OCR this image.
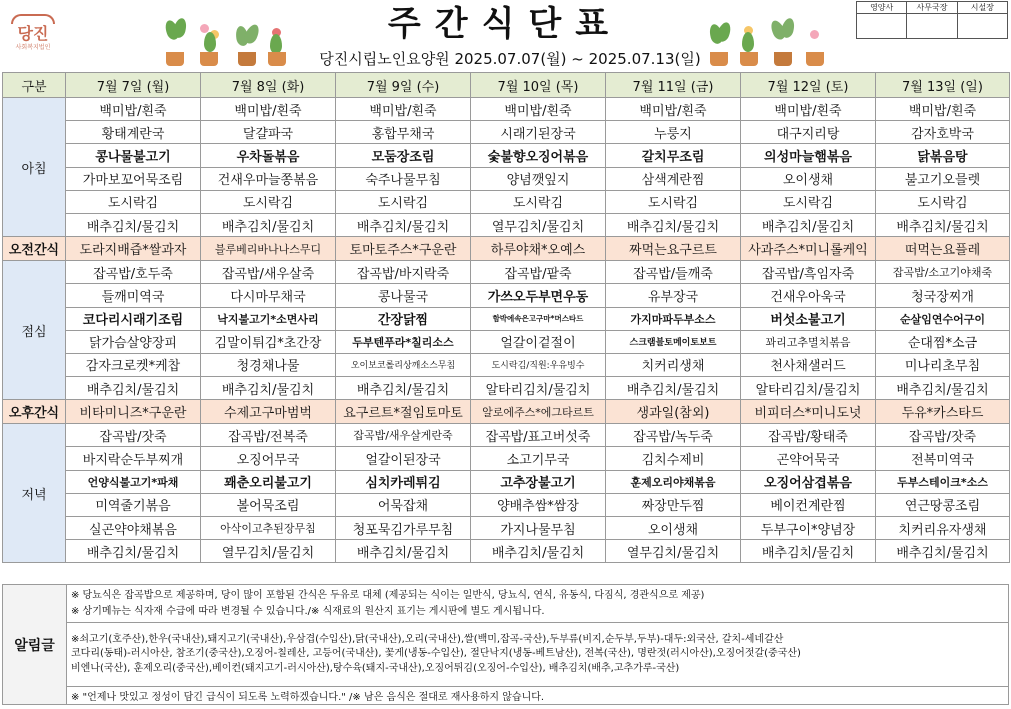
당진
사회복지법인
주간식단표
당진시립노인요양원 2025.07.07(월) ~ 2025.07.13(일)
영양사	사무국장	시설장

구분	7월 7일 (월)	7월 8일 (화)	7월 9일 (수)	7월 10일 (목)	7월 11일 (금)	7월 12일 (토)	7월 13일 (일)
아침	백미밥/흰죽	백미밥/흰죽	백미밥/흰죽	백미밥/흰죽	백미밥/흰죽	백미밥/흰죽	백미밥/흰죽
	황태계란국	달걀파국	홍합무채국	시래기된장국	누룽지	대구지리탕	감자호박국
	콩나물불고기	우차돌볶음	모둠장조림	숯불향오징어볶음	갈치무조림	의성마늘햄볶음	닭볶음탕
	가마보꼬어묵조림	건새우마늘쫑볶음	숙주나물무침	양념깻잎지	삼색계란찜	오이생채	불고기오믈렛
	도시락김	도시락김	도시락김	도시락김	도시락김	도시락김	도시락김
	배추김치/물김치	배추김치/물김치	배추김치/물김치	열무김치/물김치	배추김치/물김치	배추김치/물김치	배추김치/물김치
오전간식	도라지배즙*쌀과자	블루베리바나나스무디	토마토주스*구운란	하루야채*오예스	짜먹는요구르트	사과주스*미니롤케익	떠먹는요플레
점심	잡곡밥/호두죽	잡곡밥/새우살죽	잡곡밥/바지락죽	잡곡밥/팥죽	잡곡밥/들깨죽	잡곡밥/흑임자죽	잡곡밥/소고기야채죽
	들깨미역국	다시마무채국	콩나물국	가쓰오두부면우동	유부장국	건새우아욱국	청국장찌개
	코다리시래기조림	낙지불고기*소면사리	간장닭찜	함박에속은고구마*머스타드	가지마파두부소스	버섯소불고기	순살임연수어구이
	닭가슴살양장피	김말이튀김*초간장	두부텐푸라*칠리소스	얼갈이겉절이	스크램블토메이토보트	꽈리고추멸치볶음	순대찜*소금
	감자크로켓*케찹	청경채나물	오이보코롤리상깨소스무침	도시락김/직원:우유빙수	치커리생채	천사채샐러드	미나리초무침
	배추김치/물김치	배추김치/물김치	배추김치/물김치	알타리김치/물김치	배추김치/물김치	알타리김치/물김치	배추김치/물김치
오후간식	비타미니즈*구운란	수제고구마범벅	요구르트*절임토마토	알로에주스*에그타르트	생과일(참외)	비피더스*미니도넛	두유*카스타드
저녁	잡곡밥/잣죽	잡곡밥/전복죽	잡곡밥/새우살게란죽	잡곡밥/표고버섯죽	잡곡밥/녹두죽	잡곡밥/황태죽	잡곡밥/잣죽
	바지락순두부찌개	오징어무국	얼갈이된장국	소고기무국	김치수제비	곤약어묵국	전복미역국
	언양식불고기*파채	꽤춘오리불고기	심치카레튀김	고추장불고기	훈제오리야채볶음	오징어삼겹볶음	두부스테이크*소스
	미역줄기볶음	볼어묵조림	어묵잡채	양배추쌈*쌈장	짜장만두찜	베이컨계란찜	연근땅콩조림
	실곤약야채볶음	아삭이고추된장무침	청포묵김가루무침	가지나물무침	오이생채	두부구이*양념장	치커리유자생채
	배추김치/물김치	열무김치/물김치	배추김치/물김치	배추김치/물김치	열무김치/물김치	배추김치/물김치	배추김치/물김치
알림글	
※ 당뇨식은 잡곡밥으로 제공하며, 당이 많이 포함된 간식은 두유로 대체 (제공되는 식이는 일반식, 당뇨식, 연식, 유동식, 다짐식, 경관식으로 제공)
※ 상기메뉴는 식자재 수급에 따라 변경될 수 있습니다./※ 식재료의 원산지 표기는 게시판에 별도 게시됩니다.

※쇠고기(호주산),한우(국내산),돼지고기(국내산),우삼겹(수입산),닭(국내산),오리(국내산),쌀(백미,잡곡-국산),두부류(비지,순두부,두부)-대두:외국산, 갈치-세네갈산
코다리(동태)-러시아산, 참조기(중국산),오징어-칠레산, 고등어(국내산), 꽃게(냉동-수입산), 절단낙지(냉동-베트남산), 전복(국산), 명란젓(러시아산),오징어젓갈(중국산)
비엔나(국산), 훈제오리(중국산),베이컨(돼지고기-러시아산),탕수육(돼지-국내산),오징어튀김(오징어-수입산), 배추김치(배추,고추가루-국산)

※ "언제나 맛있고 정성이 담긴 급식이 되도록 노력하겠습니다." /※ 남은 음식은 절대로 재사용하지 않습니다.
